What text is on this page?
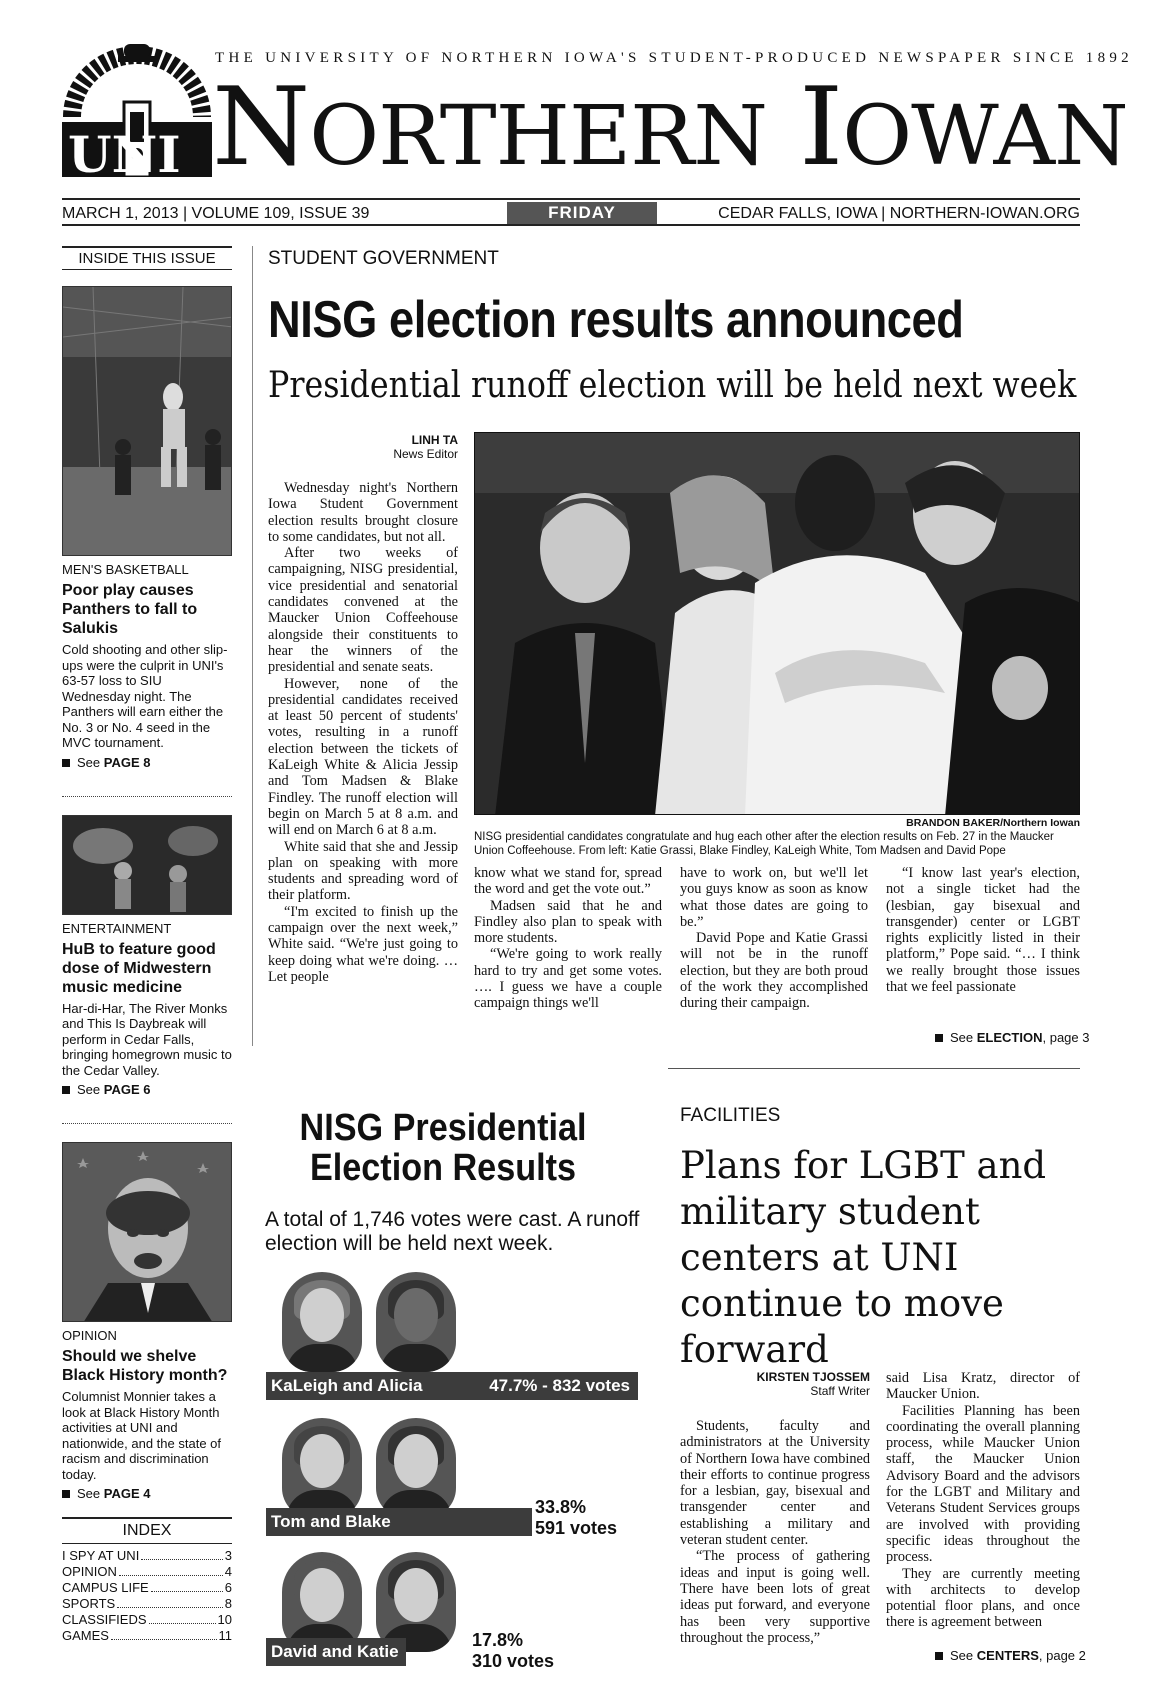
THE UNIVERSITY OF NORTHERN IOWA'S STUDENT-PRODUCED NEWSPAPER SINCE 1892
UNI NORTHERN IOWAN
MARCH 1, 2013 | VOLUME 109, ISSUE 39	FRIDAY	CEDAR FALLS, IOWA | NORTHERN-IOWAN.ORG
INSIDE THIS ISSUE
MEN'S BASKETBALL
Poor play causes Panthers to fall to Salukis
Cold shooting and other slip-ups were the culprit in UNI's 63-57 loss to SIU Wednesday night. The Panthers will earn either the No. 3 or No. 4 seed in the MVC tournament.
See PAGE 8
ENTERTAINMENT
HuB to feature good dose of Midwestern music medicine
Har-di-Har, The River Monks and This Is Daybreak will perform in Cedar Falls, bringing homegrown music to the Cedar Valley.
See PAGE 6
OPINION
Should we shelve Black History month?
Columnist Monnier takes a look at Black History Month activities at UNI and nationwide, and the state of racism and discrimination today.
See PAGE 4
INDEX
I SPY AT UNI	3
OPINION	4
CAMPUS LIFE	6
SPORTS	8
CLASSIFIEDS	10
GAMES	11
STUDENT GOVERNMENT
NISG election results announced
Presidential runoff election will be held next week
LINH TA
News Editor

Wednesday night's Northern Iowa Student Government election results brought closure to some candidates, but not all.

After two weeks of campaigning, NISG presidential, vice presidential and senatorial candidates convened at the Maucker Union Coffeehouse alongside their constituents to hear the winners of the presidential and senate seats.

However, none of the presidential candidates received at least 50 percent of students' votes, resulting in a runoff election between the tickets of KaLeigh White & Alicia Jessip and Tom Madsen & Blake Findley. The runoff election will begin on March 5 at 8 a.m. and will end on March 6 at 8 a.m.

White said that she and Jessip plan on speaking with more students and spreading word of their platform.

“I'm excited to finish up the campaign over the next week,” White said. “We're just going to keep doing what we're doing. … Let people

BRANDON BAKER/Northern Iowan
NISG presidential candidates congratulate and hug each other after the election results on Feb. 27 in the Maucker Union Coffeehouse. From left: Katie Grassi, Blake Findley, KaLeigh White, Tom Madsen and David Pope

know what we stand for, spread the word and get the vote out.”

Madsen said that he and Findley also plan to speak with more students.

“We're going to work really hard to try and get some votes. …. I guess we have a couple campaign things we'll

have to work on, but we'll let you guys know as soon as know what those dates are going to be.”

David Pope and Katie Grassi will not be in the runoff election, but they are both proud of the work they accomplished during their campaign.

“I know last year's election, not a single ticket had the (lesbian, gay bisexual and transgender) center or LGBT rights explicitly listed in their platform,” Pope said. “… I think we really brought those issues that we feel passionate

See ELECTION, page 3
NISG Presidential Election Results
A total of 1,746 votes were cast. A runoff election will be held next week.
KaLeigh and Alicia	47.7% - 832 votes
Tom and Blake
33.8%
591 votes
David and Katie
17.8%
310 votes
FACILITIES
Plans for LGBT and military student centers at UNI continue to move forward
KIRSTEN TJOSSEM
Staff Writer

Students, faculty and administrators at the University of Northern Iowa have combined their efforts to continue progress for a lesbian, gay, bisexual and transgender center and establishing a military and veteran student center.

“The process of gathering ideas and input is going well. There have been lots of great ideas put forward, and everyone has been very supportive throughout the process,”

said Lisa Kratz, director of Maucker Union.

Facilities Planning has been coordinating the overall planning process, while Maucker Union staff, the Maucker Union Advisory Board and the advisors for the LGBT and Military and Veterans Student Services groups are involved with providing specific ideas throughout the process.

They are currently meeting with architects to develop potential floor plans, and once there is agreement between

See CENTERS, page 2
